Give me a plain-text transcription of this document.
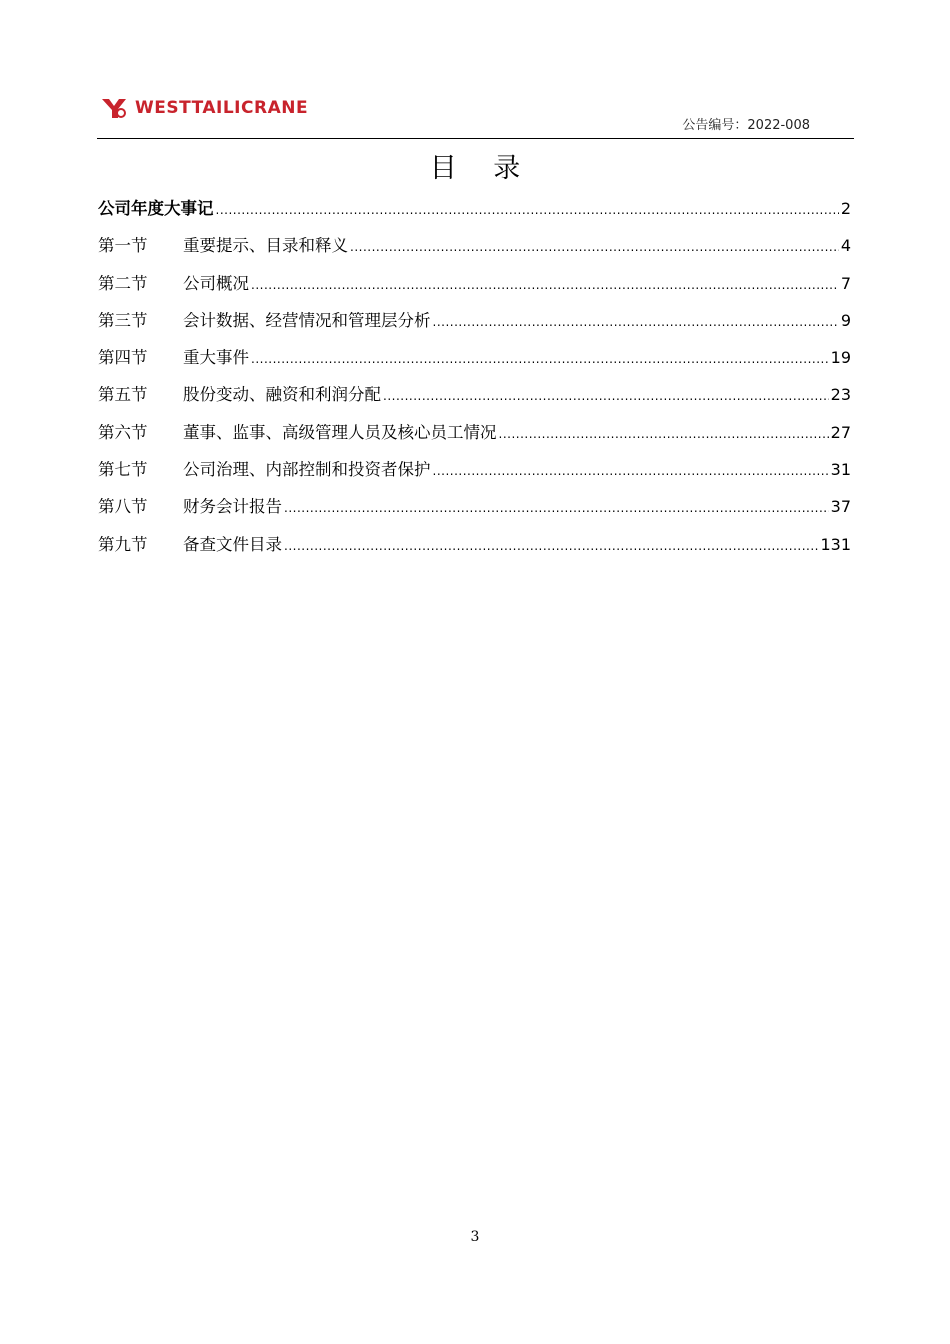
WESTTAILICRANE
公告编号：2022-008
目 录
公司年度大事记 .....	2
第一节	重要提示、目录和释义 .....	4
第二节	公司概况 .....	7
第三节	会计数据、经营情况和管理层分析 .....	9
第四节	重大事件 .....	19
第五节	股份变动、融资和利润分配 .....	23
第六节	董事、监事、高级管理人员及核心员工情况 .....	27
第七节	公司治理、内部控制和投资者保护 .....	31
第八节	财务会计报告 .....	37
第九节	备查文件目录 .....	131
3
